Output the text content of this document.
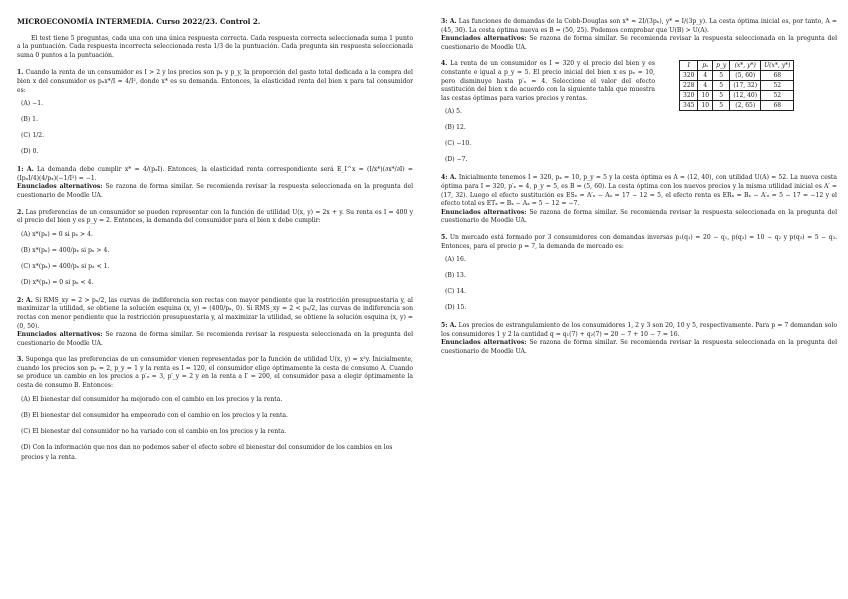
MICROECONOMÍA INTERMEDIA. Curso 2022/23. Control 2.

El test tiene 5 preguntas, cada una con una única respuesta correcta. Cada respuesta correcta seleccionada suma 1 punto a la puntuación. Cada respuesta incorrecta seleccionada resta 1/3 de la puntuación. Cada pregunta sin respuesta seleccionada suma 0 puntos a la puntuación.

1. Cuando la renta de un consumidor es I > 2 y los precios son pₓ y p_y, la proporción del gasto total dedicada a la compra del bien x del consumidor es pₓx*/I = 4/I², donde x* es su demanda. Entonces, la elasticidad renta del bien x para tal consumidor es:

(A) −1.
(B) 1.
(C) 1/2.
(D) 0.

1: A. La demanda debe cumplir x* = 4/(pₓI). Entonces, la elasticidad renta correspondiente será E_I^x = (I/x*)(∂x*/∂I) = (IpₓI/4)(4/pₓ)(−1/I²) = −1.
Enunciados alternativos: Se razona de forma similar. Se recomienda revisar la respuesta seleccionada en la pregunta del cuestionario de Moodle UA.

2. Las preferencias de un consumidor se pueden representar con la función de utilidad U(x, y) = 2x + y. Su renta es I = 400 y el precio del bien y es p_y = 2. Entonces, la demanda del consumidor para el bien x debe cumplir:

(A) x*(pₓ) = 0 si pₓ > 4.
(B) x*(pₓ) = 400/pₓ si pₓ > 4.
(C) x*(pₓ) = 400/pₓ si pₓ < 1.
(D) x*(pₓ) = 0 si pₓ < 4.

2: A. Si RMS_xy = 2 > pₓ/2, las curvas de indiferencia son rectas con mayor pendiente que la restricción presupuestaria y, al maximizar la utilidad, se obtiene la solución esquina (x, y) = (400/pₓ, 0). Si RMS_xy = 2 < pₓ/2, las curvas de indiferencia son rectas con menor pendiente que la restricción presupuestaria y, al maximizar la utilidad, se obtiene la solución esquina (x, y) = (0, 50).
Enunciados alternativos: Se razona de forma similar. Se recomienda revisar la respuesta seleccionada en la pregunta del cuestionario de Moodle UA.

3. Suponga que las preferencias de un consumidor vienen representadas por la función de utilidad U(x, y) = x²y. Inicialmente, cuando los precios son pₓ = 2, p_y = 1 y la renta es I = 120, el consumidor elige óptimamente la cesta de consumo A. Cuando se produce un cambio en los precios a p′ₓ = 3, p′_y = 2 y en la renta a I′ = 200, el consumidor pasa a elegir óptimamente la cesta de consumo B. Entonces:

(A) El bienestar del consumidor ha mejorado con el cambio en los precios y la renta.
(B) El bienestar del consumidor ha empeorado con el cambio en los precios y la renta.
(C) El bienestar del consumidor no ha variado con el cambio en los precios y la renta.
(D) Con la información que nos dan no podemos saber el efecto sobre el bienestar del consumidor de los cambios en los precios y la renta.

3: A. Las funciones de demandas de la Cobb-Douglas son x* = 2I/(3pₓ), y* = I/(3p_y). La cesta óptima inicial es, por tanto, A = (45, 30). La cesta óptima nueva es B = (50, 25). Podemos comprobar que U(B) > U(A).
Enunciados alternativos: Se razona de forma similar. Se recomienda revisar la respuesta seleccionada en la pregunta del cuestionario de Moodle UA.

4. La renta de un consumidor es I = 320 y el precio del bien y es constante e igual a p_y = 5. El precio inicial del bien x es pₓ = 10, pero disminuye hasta p′ₓ = 4. Seleccione el valor del efecto sustitución del bien x de acuerdo con la siguiente tabla que muestra las cestas óptimas para varios precios y rentas.

I	pₓ	p_y	(x*, y*)	U(x*, y*)
320	4	5	(5, 60)	68
228	4	5	(17, 32)	52
320	10	5	(12, 40)	52
345	10	5	(2, 65)	68
(A) 5.
(B) 12.
(C) −10.
(D) −7.

4: A. Inicialmente tenemos I = 320, pₓ = 10, p_y = 5 y la cesta óptima es A = (12, 40), con utilidad U(A) = 52. La nueva cesta óptima para I = 320, p′ₓ = 4, p_y = 5, es B = (5, 60). La cesta óptima con los nuevos precios y la misma utilidad inicial es A′ = (17, 32). Luego el efecto sustitución es ESₓ = A′ₓ − Aₓ = 17 − 12 = 5, el efecto renta es ERₓ = Bₓ − A′ₓ = 5 − 17 = −12 y el efecto total es ETₓ = Bₓ − Aₓ = 5 − 12 = −7.
Enunciados alternativos: Se razona de forma similar. Se recomienda revisar la respuesta seleccionada en la pregunta del cuestionario de Moodle UA.

5. Un mercado está formado por 3 consumidores con demandas inversas p₁(q₁) = 20 − q₁, p(q₂) = 10 − q₂ y p(q₃) = 5 − q₃. Entonces, para el precio p = 7, la demanda de mercado es:

(A) 16.
(B) 13.
(C) 14.
(D) 15.

5: A. Los precios de estrangulamiento de los consumidores 1, 2 y 3 son 20, 10 y 5, respectivamente. Para p = 7 demandan solo los consumidores 1 y 2 la cantidad q = q₁(7) + q₂(7) = 20 − 7 + 10 − 7 = 16.
Enunciados alternativos: Se razona de forma similar. Se recomienda revisar la respuesta seleccionada en la pregunta del cuestionario de Moodle UA.
